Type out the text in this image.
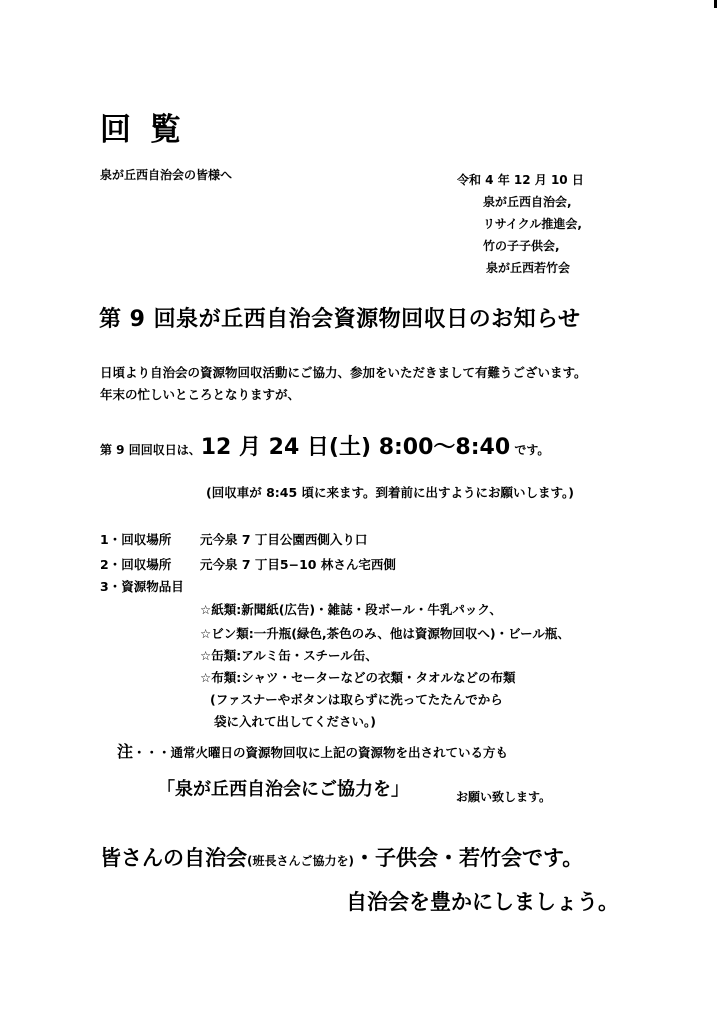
回 覧
泉が丘西自治会の皆様へ	令和 4 年 12 月 10 日
泉が丘西自治会,
リサイクル推進会,
竹の子子供会,
泉が丘西若竹会
第 9 回泉が丘西自治会資源物回収日のお知らせ
日頃より自治会の資源物回収活動にご協力、参加をいただきまして有難うございます。
年末の忙しいところとなりますが、
第 9 回回収日は、12 月 24 日(土) 8:00〜8:40 です。
(回収車が 8:45 頃に来ます。到着前に出すようにお願いします。)
1・回収場所 元今泉 7 丁目公園西側入り口
2・回収場所 元今泉 7 丁目5−10 林さん宅西側
3・資源物品目
☆紙類:新聞紙(広告)・雑誌・段ボール・牛乳パック、
☆ビン類:一升瓶(緑色,茶色のみ、他は資源物回収へ)・ビール瓶、
☆缶類:アルミ缶・スチール缶、
☆布類:シャツ・セーターなどの衣類・タオルなどの布類
(ファスナーやボタンは取らずに洗ってたたんでから
袋に入れて出してください。)
注・・・通常火曜日の資源物回収に上記の資源物を出されている方も
「泉が丘西自治会にご協力を」	お願い致します。
皆さんの自治会(班長さんご協力を)・子供会・若竹会です。
自治会を豊かにしましょう。
